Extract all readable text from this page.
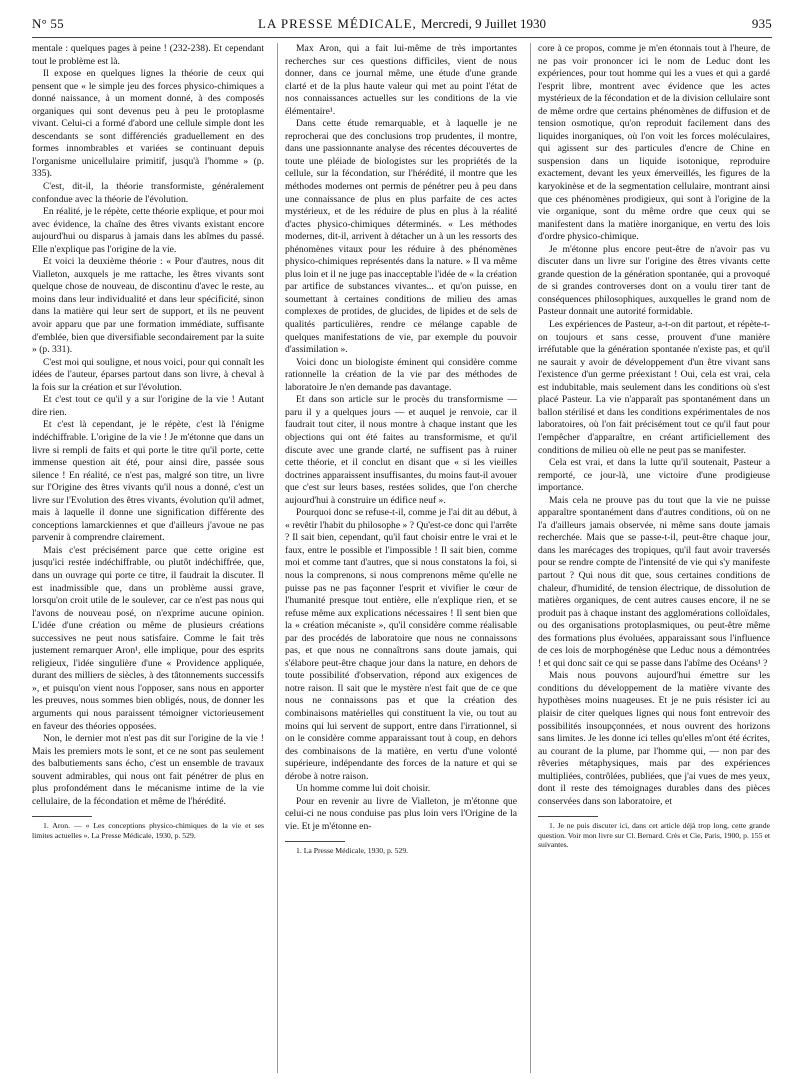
N° 55	LA PRESSE MÉDICALE, Mercredi, 9 Juillet 1930	935

mentale : quelques pages à peine ! (232-238). Et cependant tout le problème est là.

Il expose en quelques lignes la théorie de ceux qui pensent que « le simple jeu des forces physico-chimiques a donné naissance, à un moment donné, à des composés organiques qui sont devenus peu à peu le protoplasme vivant. Celui-ci a formé d'abord une cellule simple dont les descendants se sont différenciés graduellement en des formes innombrables et variées se continuant depuis l'organisme unicellulaire primitif, jusqu'à l'homme » (p. 335).

C'est, dit-il, la théorie transformiste, généralement confondue avec la théorie de l'évolution.

En réalité, je le répète, cette théorie explique, et pour moi avec évidence, la chaîne des êtres vivants existant encore aujourd'hui ou disparus à jamais dans les abîmes du passé. Elle n'explique pas l'origine de la vie.

Et voici la deuxième théorie : « Pour d'autres, nous dit Vialleton, auxquels je me rattache, les êtres vivants sont quelque chose de nouveau, de discontinu d'avec le reste, au moins dans leur individualité et dans leur spécificité, sinon dans la matière qui leur sert de support, et ils ne peuvent avoir apparu que par une formation immédiate, suffisante d'emblée, bien que diversifiable secondairement par la suite » (p. 331).

C'est moi qui souligne, et nous voici, pour qui connaît les idées de l'auteur, éparses partout dans son livre, à cheval à la fois sur la création et sur l'évolution.

Et c'est tout ce qu'il y a sur l'origine de la vie ! Autant dire rien.

Et c'est là cependant, je le répète, c'est là l'énigme indéchiffrable. L'origine de la vie ! Je m'étonne que dans un livre si rempli de faits et qui porte le titre qu'il porte, cette immense question ait été, pour ainsi dire, passée sous silence ! En réalité, ce n'est pas, malgré son titre, un livre sur l'Origine des êtres vivants qu'il nous a donné, c'est un livre sur l'Evolution des êtres vivants, évolution qu'il admet, mais à laquelle il donne une signification différente des conceptions lamarckiennes et que d'ailleurs j'avoue ne pas parvenir à comprendre clairement.

Mais c'est précisément parce que cette origine est jusqu'ici restée indéchiffrable, ou plutôt indéchiffrée, que, dans un ouvrage qui porte ce titre, il faudrait la discuter. Il est inadmissible que, dans un problème aussi grave, lorsqu'on croit utile de le soulever, car ce n'est pas nous qui l'avons de nouveau posé, on n'exprime aucune opinion. L'idée d'une création ou même de plusieurs créations successives ne peut nous satisfaire. Comme le fait très justement remarquer Aron¹, elle implique, pour des esprits religieux, l'idée singulière d'une « Providence appliquée, durant des milliers de siècles, à des tâtonnements successifs », et puisqu'on vient nous l'opposer, sans nous en apporter les preuves, nous sommes bien obligés, nous, de donner les arguments qui nous paraissent témoigner victorieusement en faveur des théories opposées.

Non, le dernier mot n'est pas dit sur l'origine de la vie ! Mais les premiers mots le sont, et ce ne sont pas seulement des balbutiements sans écho, c'est un ensemble de travaux souvent admirables, qui nous ont fait pénétrer de plus en plus profondément dans le mécanisme intime de la vie cellulaire, de la fécondation et même de l'hérédité.

1. Aron. — « Les conceptions physico-chimiques de la vie et ses limites actuelles ». La Presse Médicale, 1930, p. 529.

Max Aron, qui a fait lui-même de très importantes recherches sur ces questions difficiles, vient de nous donner, dans ce journal même, une étude d'une grande clarté et de la plus haute valeur qui met au point l'état de nos connaissances actuelles sur les conditions de la vie élémentaire¹.

Dans cette étude remarquable, et à laquelle je ne reprocherai que des conclusions trop prudentes, il montre, dans une passionnante analyse des récentes découvertes de toute une pléiade de biologistes sur les propriétés de la cellule, sur la fécondation, sur l'hérédité, il montre que les méthodes modernes ont permis de pénétrer peu à peu dans une connaissance de plus en plus parfaite de ces actes mystérieux, et de les réduire de plus en plus à la réalité d'actes physico-chimiques déterminés. « Les méthodes modernes, dit-il, arrivent à détacher un à un les ressorts des phénomènes vitaux pour les réduire à des phénomènes physico-chimiques représentés dans la nature. » Il va même plus loin et il ne juge pas inacceptable l'idée de « la création par artifice de substances vivantes... et qu'on puisse, en soumettant à certaines conditions de milieu des amas complexes de protides, de glucides, de lipides et de sels de qualités particulières, rendre ce mélange capable de quelques manifestations de vie, par exemple du pouvoir d'assimilation ».

Voici donc un biologiste éminent qui considère comme rationnelle la création de la vie par des méthodes de laboratoire Je n'en demande pas davantage.

Et dans son article sur le procès du transformisme — paru il y a quelques jours — et auquel je renvoie, car il faudrait tout citer, il nous montre à chaque instant que les objections qui ont été faites au transformisme, et qu'il discute avec une grande clarté, ne suffisent pas à ruiner cette théorie, et il conclut en disant que « si les vieilles doctrines apparaissent insuffisantes, du moins faut-il avouer que c'est sur leurs bases, restées solides, que l'on cherche aujourd'hui à construire un édifice neuf ».

Pourquoi donc se refuse-t-il, comme je l'ai dit au début, à « revêtir l'habit du philosophe » ? Qu'est-ce donc qui l'arrête ? Il sait bien, cependant, qu'il faut choisir entre le vrai et le faux, entre le possible et l'impossible ! Il sait bien, comme moi et comme tant d'autres, que si nous constatons la foi, si nous la comprenons, si nous comprenons même qu'elle ne puisse pas ne pas façonner l'esprit et vivifier le cœur de l'humanité presque tout entière, elle n'explique rien, et se refuse même aux explications nécessaires ! Il sent bien que la « création mécaniste », qu'il considère comme réalisable par des procédés de laboratoire que nous ne connaissons pas, et que nous ne connaîtrons sans doute jamais, qui s'élabore peut-être chaque jour dans la nature, en dehors de toute possibilité d'observation, répond aux exigences de notre raison. Il sait que le mystère n'est fait que de ce que nous ne connaissons pas et que la création des combinaisons matérielles qui constituent la vie, ou tout au moins qui lui servent de support, entre dans l'irrationnel, si on le considère comme apparaissant tout à coup, en dehors des combinaisons de la matière, en vertu d'une volonté supérieure, indépendante des forces de la nature et qui se dérobe à notre raison.

Un homme comme lui doit choisir.

Pour en revenir au livre de Vialleton, je m'étonne que celui-ci ne nous conduise pas plus loin vers l'Origine de la vie. Et je m'étonne en-

1. La Presse Médicale, 1930, p. 529.

core à ce propos, comme je m'en étonnais tout à l'heure, de ne pas voir prononcer ici le nom de Leduc dont les expériences, pour tout homme qui les a vues et qui a gardé l'esprit libre, montrent avec évidence que les actes mystérieux de la fécondation et de la division cellulaire sont de même ordre que certains phénomènes de diffusion et de tension osmotique, qu'on reproduit facilement dans des liquides inorganiques, où l'on voit les forces moléculaires, qui agissent sur des particules d'encre de Chine en suspension dans un liquide isotonique, reproduire exactement, devant les yeux émerveillés, les figures de la karyokinèse et de la segmentation cellulaire, montrant ainsi que ces phénomènes prodigieux, qui sont à l'origine de la vie organique, sont du même ordre que ceux qui se manifestent dans la matière inorganique, en vertu des lois d'ordre physico-chimique.

Je m'étonne plus encore peut-être de n'avoir pas vu discuter dans un livre sur l'origine des êtres vivants cette grande question de la génération spontanée, qui a provoqué de si grandes controverses dont on a voulu tirer tant de conséquences philosophiques, auxquelles le grand nom de Pasteur donnait une autorité formidable.

Les expériences de Pasteur, a-t-on dit partout, et répète-t-on toujours et sans cesse, prouvent d'une manière irréfutable que la génération spontanée n'existe pas, et qu'il ne saurait y avoir de développement d'un être vivant sans l'existence d'un germe préexistant ! Oui, cela est vrai, cela est indubitable, mais seulement dans les conditions où s'est placé Pasteur. La vie n'apparaît pas spontanément dans un ballon stérilisé et dans les conditions expérimentales de nos laboratoires, où l'on fait précisément tout ce qu'il faut pour l'empêcher d'apparaître, en créant artificiellement des conditions de milieu où elle ne peut pas se manifester.

Cela est vrai, et dans la lutte qu'il soutenait, Pasteur a remporté, ce jour-là, une victoire d'une prodigieuse importance.

Mais cela ne prouve pas du tout que la vie ne puisse apparaître spontanément dans d'autres conditions, où on ne l'a d'ailleurs jamais observée, ni même sans doute jamais recherchée. Mais que se passe-t-il, peut-être chaque jour, dans les marécages des tropiques, qu'il faut avoir traversés pour se rendre compte de l'intensité de vie qui s'y manifeste partout ? Qui nous dit que, sous certaines conditions de chaleur, d'humidité, de tension électrique, de dissolution de matières organiques, de cent autres causes encore, il ne se produit pas à chaque instant des agglomérations colloïdales, ou des organisations protoplasmiques, ou peut-être même des formations plus évoluées, apparaissant sous l'influence de ces lois de morphogénèse que Leduc nous a démontrées ! et qui donc sait ce qui se passe dans l'abîme des Océans¹ ?

Mais nous pouvons aujourd'hui émettre sur les conditions du développement de la matière vivante des hypothèses moins nuageuses. Et je ne puis résister ici au plaisir de citer quelques lignes qui nous font entrevoir des possibilités insoupçonnées, et nous ouvrent des horizons sans limites. Je les donne ici telles qu'elles m'ont été écrites, au courant de la plume, par l'homme qui, — non par des rêveries métaphysiques, mais par des expériences multipliées, contrôlées, publiées, que j'ai vues de mes yeux, dont il reste des témoignages durables dans des pièces conservées dans son laboratoire, et

1. Je ne puis discuter ici, dans cet article déjà trop long, cette grande question. Voir mon livre sur Cl. Bernard. Crès et Cie, Paris, 1900, p. 155 et suivantes.
